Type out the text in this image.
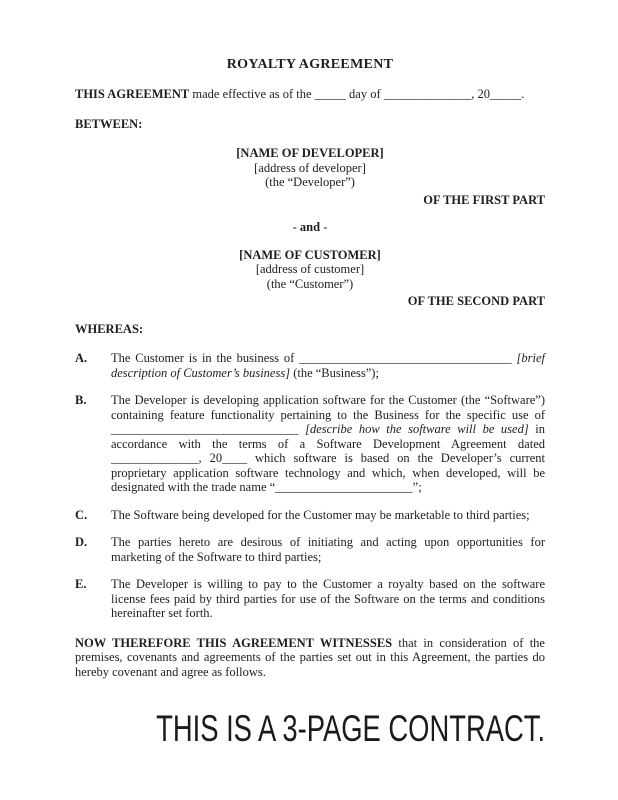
ROYALTY AGREEMENT

THIS AGREEMENT made effective as of the _____ day of ______________, 20_____.

BETWEEN:

[NAME OF DEVELOPER]
[address of developer]
(the “Developer”)
OF THE FIRST PART
- and -
[NAME OF CUSTOMER]
[address of customer]
(the “Customer”)
OF THE SECOND PART

WHEREAS:

A. The Customer is in the business of __________________________________ [brief description of Customer’s business] (the “Business”);
B. The Developer is developing application software for the Customer (the “Software”) containing feature functionality pertaining to the Business for the specific use of ______________________________ [describe how the software will be used] in accordance with the terms of a Software Development Agreement dated ______________, 20____ which software is based on the Developer’s current proprietary application software technology and which, when developed, will be designated with the trade name “______________________”;
C. The Software being developed for the Customer may be marketable to third parties;
D. The parties hereto are desirous of initiating and acting upon opportunities for marketing of the Software to third parties;
E. The Developer is willing to pay to the Customer a royalty based on the software license fees paid by third parties for use of the Software on the terms and conditions hereinafter set forth.

NOW THEREFORE THIS AGREEMENT WITNESSES that in consideration of the premises, covenants and agreements of the parties set out in this Agreement, the parties do hereby covenant and agree as follows.

THIS IS A 3-PAGE CONTRACT.
